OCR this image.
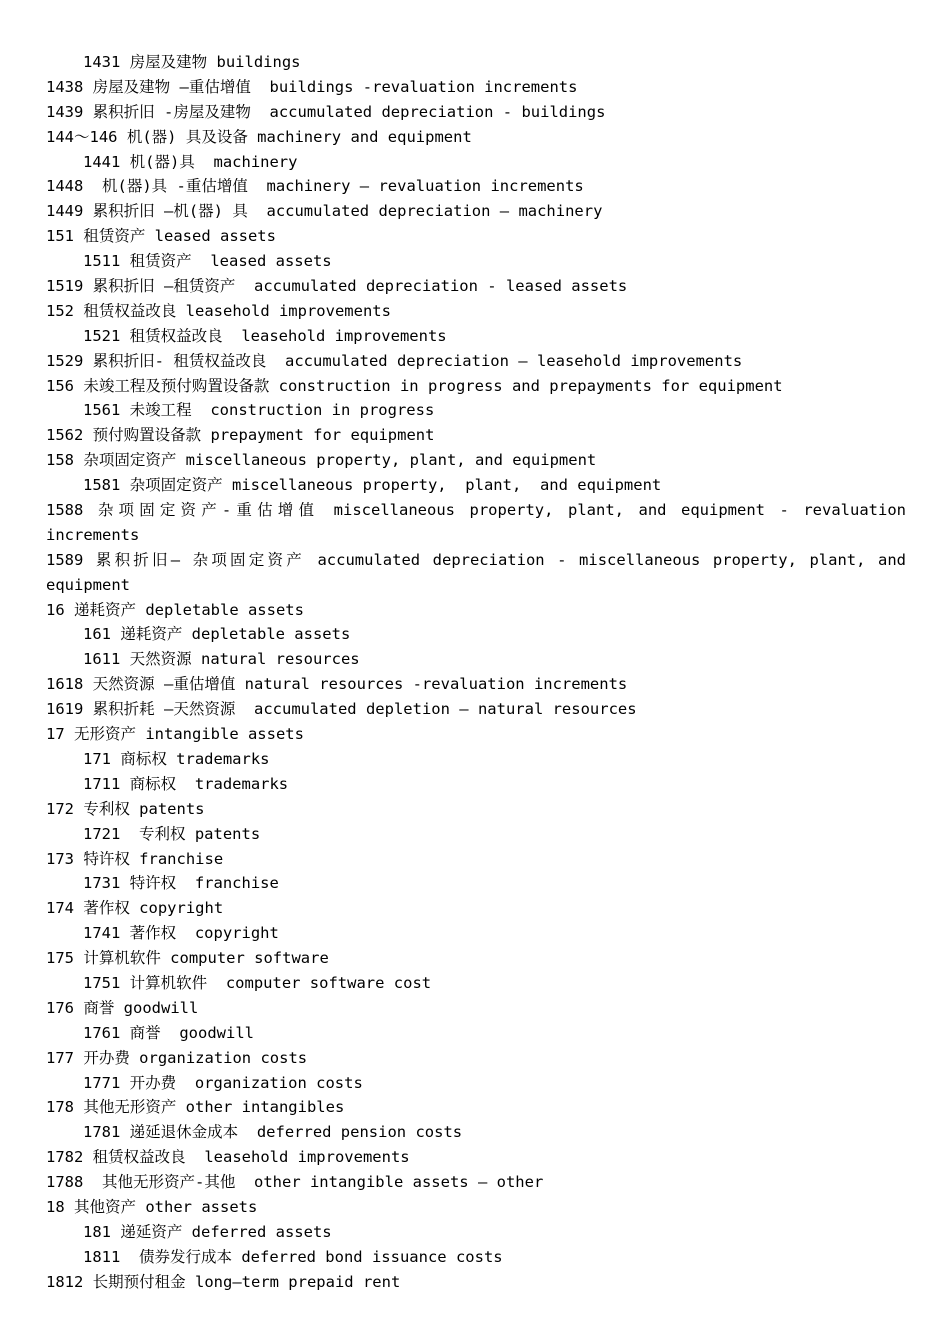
1431 房屋及建物 buildings
1438 房屋及建物 —重估增值  buildings -revaluation increments
1439 累积折旧 -房屋及建物  accumulated depreciation - buildings
144～146 机(器) 具及设备 machinery and equipment
1441 机(器)具  machinery
1448  机(器)具 -重估增值  machinery — revaluation increments
1449 累积折旧 —机(器) 具  accumulated depreciation — machinery
151 租赁资产 leased assets
1511 租赁资产  leased assets
1519 累积折旧 —租赁资产  accumulated depreciation - leased assets
152 租赁权益改良 leasehold improvements
1521 租赁权益改良  leasehold improvements
1529 累积折旧- 租赁权益改良  accumulated depreciation — leasehold improvements
156 未竣工程及预付购置设备款 construction in progress and prepayments for equipment
1561 未竣工程  construction in progress
1562 预付购置设备款 prepayment for equipment
158 杂项固定资产 miscellaneous property, plant, and equipment
1581 杂项固定资产 miscellaneous property,  plant,  and equipment
1588 杂项固定资产-重估增值 miscellaneous property, plant, and equipment - revaluation
increments
1589 累积折旧— 杂项固定资产 accumulated depreciation - miscellaneous property, plant, and
equipment
16 递耗资产 depletable assets
161 递耗资产 depletable assets
1611 天然资源 natural resources
1618 天然资源 —重估增值 natural resources -revaluation increments
1619 累积折耗 —天然资源  accumulated depletion — natural resources
17 无形资产 intangible assets
171 商标权 trademarks
1711 商标权  trademarks
172 专利权 patents
1721  专利权 patents
173 特许权 franchise
1731 特许权  franchise
174 著作权 copyright
1741 著作权  copyright
175 计算机软件 computer software
1751 计算机软件  computer software cost
176 商誉 goodwill
1761 商誉  goodwill
177 开办费 organization costs
1771 开办费  organization costs
178 其他无形资产 other intangibles
1781 递延退休金成本  deferred pension costs
1782 租赁权益改良  leasehold improvements
1788  其他无形资产-其他  other intangible assets — other
18 其他资产 other assets
181 递延资产 deferred assets
1811  债券发行成本 deferred bond issuance costs
1812 长期预付租金 long—term prepaid rent
